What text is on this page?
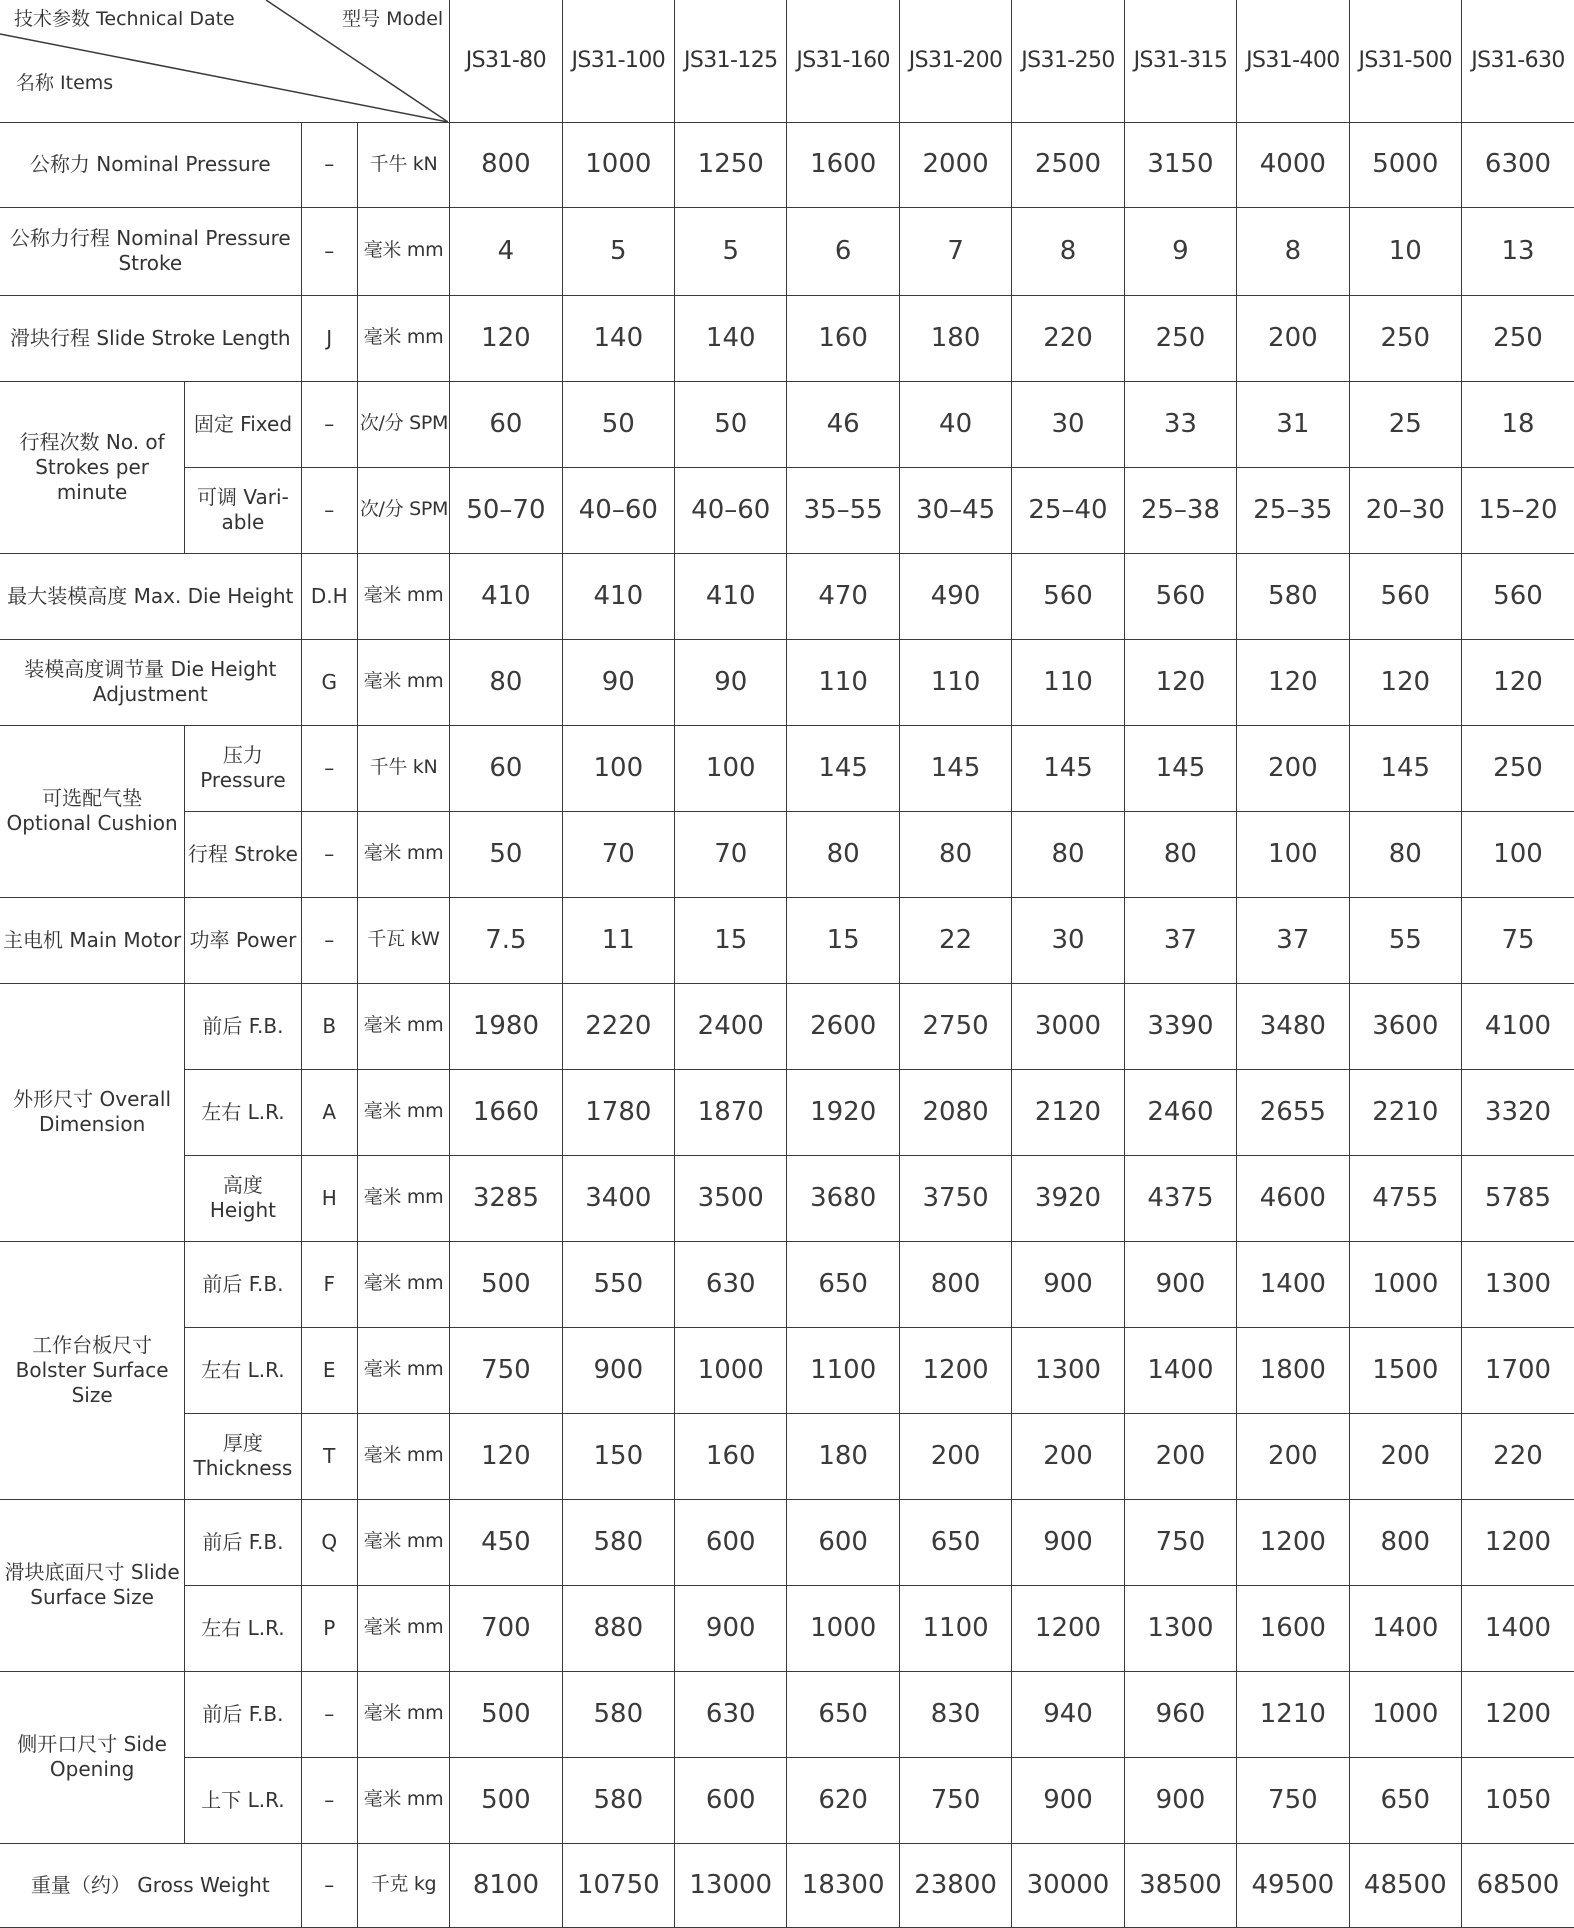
技术参数 Technical Date 型号 Model
名称 Items				JS31-80	JS31-100	JS31-125	JS31-160	JS31-200	JS31-250	JS31-315	JS31-400	JS31-500	JS31-630
公称力 Nominal Pressure		–	千牛 kN	800	1000	1250	1600	2000	2500	3150	4000	5000	6300
公称力行程 Nominal Pressure Stroke		–	毫米 mm	4	5	5	6	7	8	9	8	10	13
滑块行程 Slide Stroke Length		J	毫米 mm	120	140	140	160	180	220	250	200	250	250
行程次数 No. of Strokes per minute	固定 Fixed	–	次/分 SPM	60	50	50	46	40	30	33	31	25	18
	可调 Vari-able	–	次/分 SPM	50–70	40–60	40–60	35–55	30–45	25–40	25–38	25–35	20–30	15–20
最大装模高度 Max. Die Height		D.H	毫米 mm	410	410	410	470	490	560	560	580	560	560
装模高度调节量 Die Height Adjustment		G	毫米 mm	80	90	90	110	110	110	120	120	120	120
可选配气垫 Optional Cushion	压力 Pressure	–	千牛 kN	60	100	100	145	145	145	145	200	145	250
	行程 Stroke	–	毫米 mm	50	70	70	80	80	80	80	100	80	100
主电机 Main Motor	功率 Power	–	千瓦 kW	7.5	11	15	15	22	30	37	37	55	75
外形尺寸 Overall Dimension	前后 F.B.	B	毫米 mm	1980	2220	2400	2600	2750	3000	3390	3480	3600	4100
	左右 L.R.	A	毫米 mm	1660	1780	1870	1920	2080	2120	2460	2655	2210	3320
	高度 Height	H	毫米 mm	3285	3400	3500	3680	3750	3920	4375	4600	4755	5785
工作台板尺寸 Bolster Surface Size	前后 F.B.	F	毫米 mm	500	550	630	650	800	900	900	1400	1000	1300
	左右 L.R.	E	毫米 mm	750	900	1000	1100	1200	1300	1400	1800	1500	1700
	厚度 Thickness	T	毫米 mm	120	150	160	180	200	200	200	200	200	220
滑块底面尺寸 Slide Surface Size	前后 F.B.	Q	毫米 mm	450	580	600	600	650	900	750	1200	800	1200
	左右 L.R.	P	毫米 mm	700	880	900	1000	1100	1200	1300	1600	1400	1400
侧开口尺寸 Side Opening	前后 F.B.	–	毫米 mm	500	580	630	650	830	940	960	1210	1000	1200
	上下 L.R.	–	毫米 mm	500	580	600	620	750	900	900	750	650	1050
重量（约） Gross Weight		–	千克 kg	8100	10750	13000	18300	23800	30000	38500	49500	48500	68500
